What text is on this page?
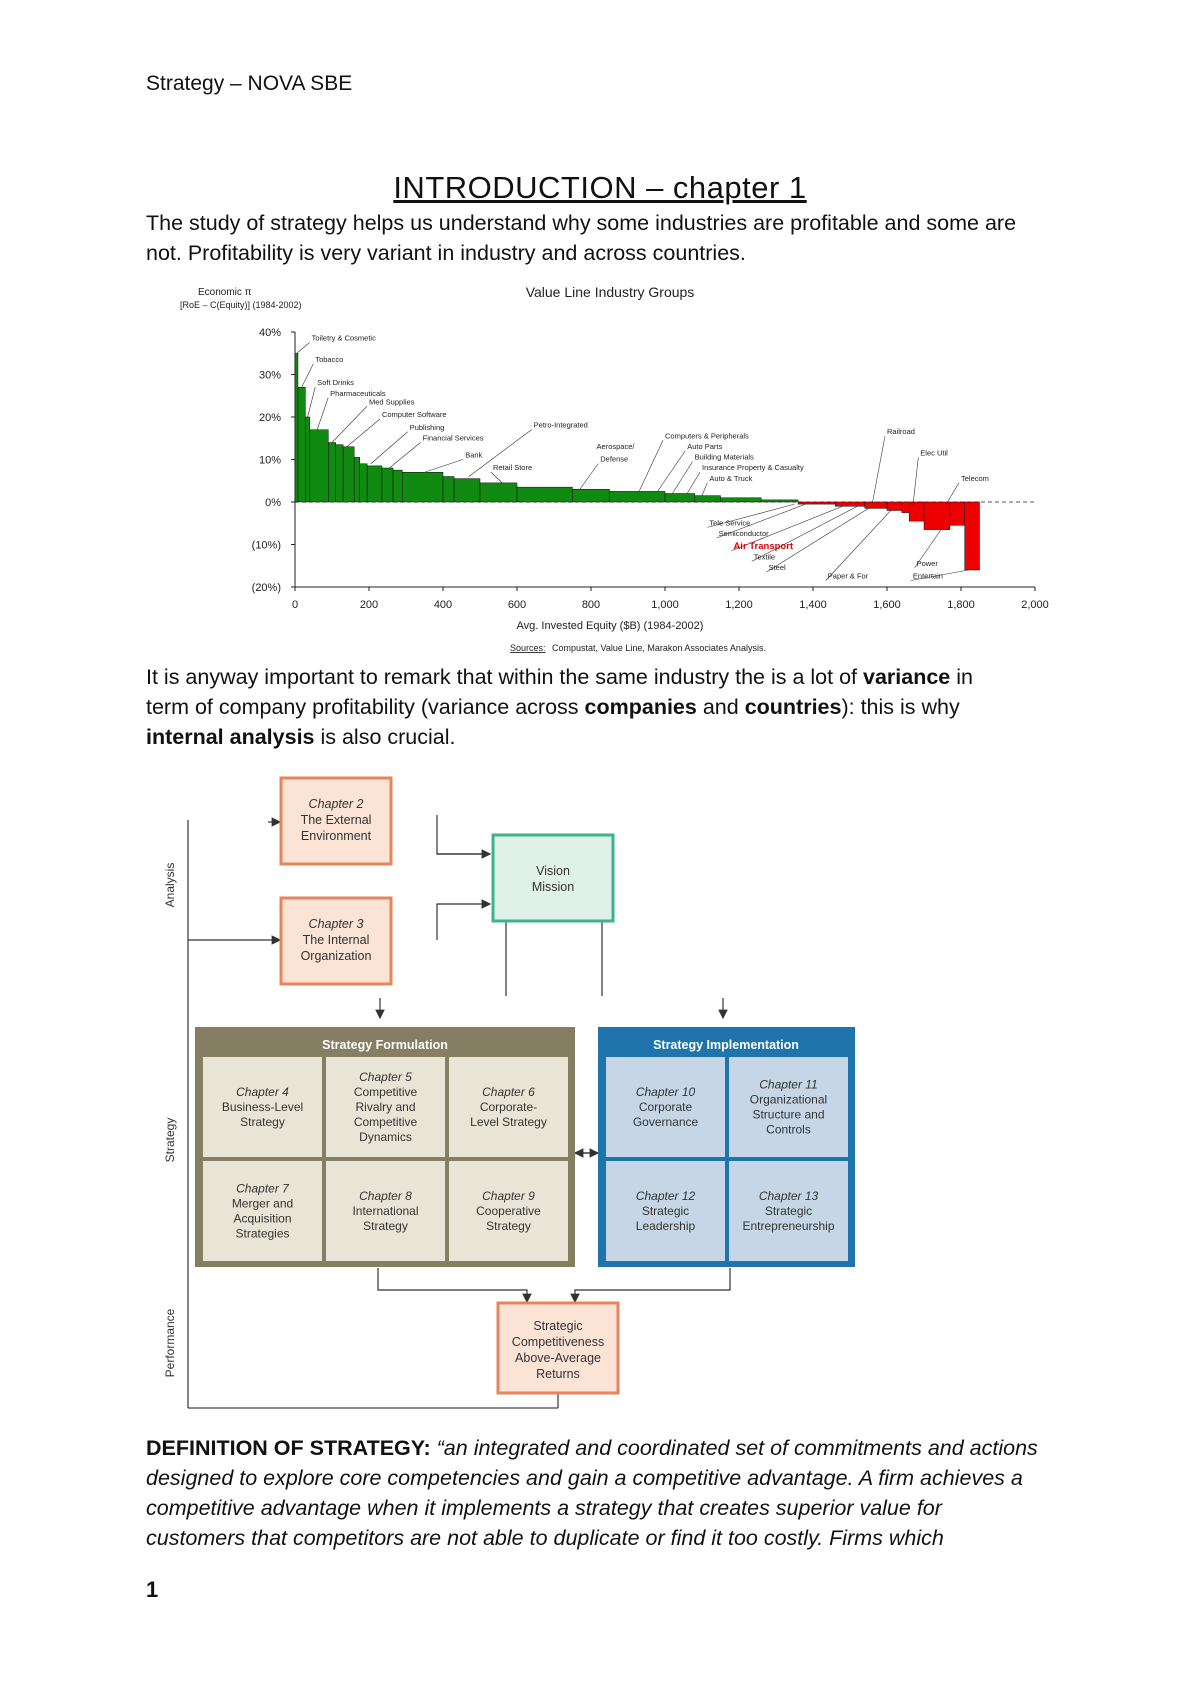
Strategy – NOVA SBE
INTRODUCTION – chapter 1
The study of strategy helps us understand why some industries are profitable and some are
not. Profitability is very variant in industry and across countries.
Value Line Industry Groups
Economic π
[RoE – C(Equity)] (1984-2002)
40%
30%
20%
10%
0%
(10%)
(20%)
0	200	400	600	800	1,000	1,200	1,400	1,600	1,800	2,000
Toiletry & Cosmetic
Tobacco
Soft Drinks
Pharmaceuticals
Med Supplies
Computer Software
Publishing
Financial Services
Bank
Petro-Integrated
Retail Store
Aerospace/
Defense
Computers & Peripherals
Auto Parts
Building Materials
Insurance Property & Casualty
Auto & Truck
Railroad
Elec Util
Telecom
Tele Service
Semiconductor
Air Transport
Textile
Steel
Paper & For
Power
Entertain
Avg. Invested Equity ($B) (1984-2002)
Sources: Compustat, Value Line, Marakon Associates Analysis.
It is anyway important to remark that within the same industry the is a lot of variance in
term of company profitability (variance across companies and countries): this is why
internal analysis is also crucial.
Analysis
Strategy
Performance
Chapter 2
The External
Environment
Chapter 3
The Internal
Organization
Vision
Mission
Strategy Formulation
Chapter 4
Business-Level
Strategy
Chapter 5
Competitive
Rivalry and
Competitive
Dynamics
Chapter 6
Corporate-
Level Strategy
Chapter 7
Merger and
Acquisition
Strategies
Chapter 8
International
Strategy
Chapter 9
Cooperative
Strategy
Strategy Implementation
Chapter 10
Corporate
Governance
Chapter 11
Organizational
Structure and
Controls
Chapter 12
Strategic
Leadership
Chapter 13
Strategic
Entrepreneurship
Strategic
Competitiveness
Above-Average
Returns
DEFINITION OF STRATEGY: “an integrated and coordinated set of commitments and actions
designed to explore core competencies and gain a competitive advantage. A firm achieves a
competitive advantage when it implements a strategy that creates superior value for
customers that competitors are not able to duplicate or find it too costly. Firms which
1
